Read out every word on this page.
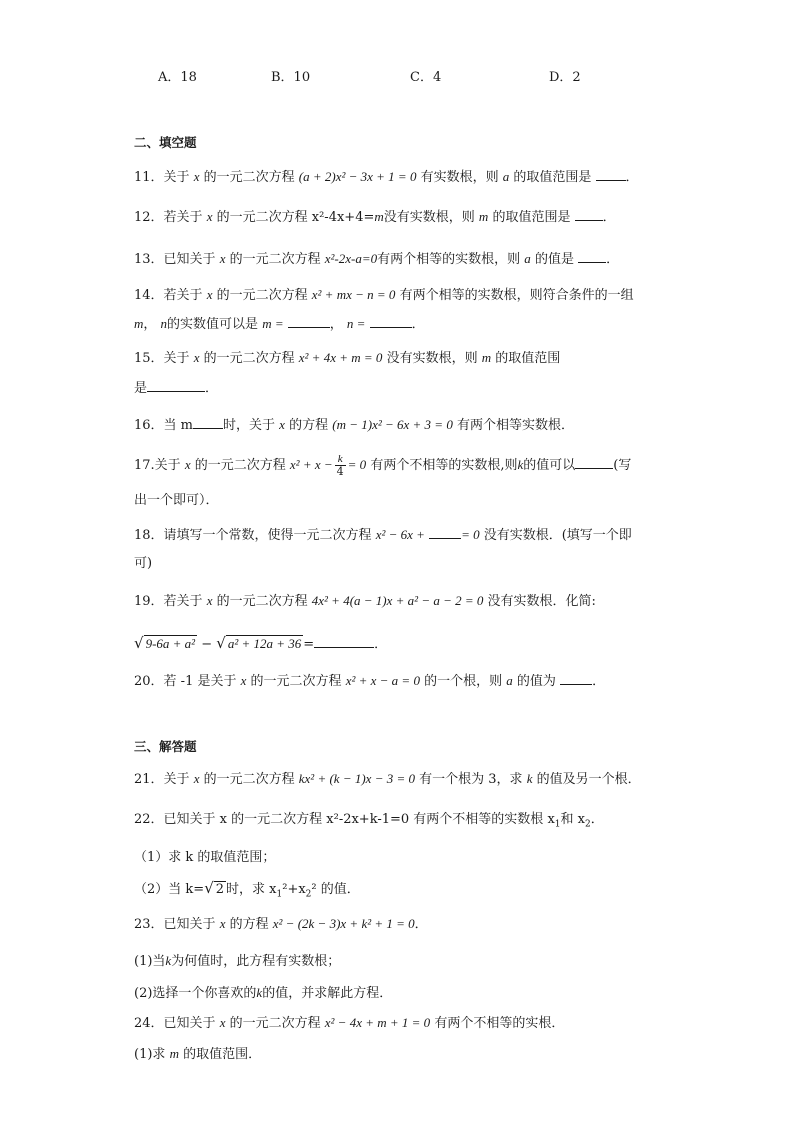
A．18	B．10	C．4	D．2
二、填空题
11．关于 x 的一元二次方程 (a + 2)x² − 3x + 1 = 0 有实数根，则 a 的取值范围是	．
12．若关于 x 的一元二次方程 x²-4x+4=m没有实数根，则 m 的取值范围是 ．
13．已知关于 x 的一元二次方程 x²-2x-a=0有两个相等的实数根，则 a 的值是 ．
14．若关于 x 的一元二次方程 x² + mx − n = 0 有两个相等的实数根，则符合条件的一组
m， n的实数值可以是 m =	， n =	．
15．关于 x 的一元二次方程 x² + 4x + m = 0 没有实数根，则 m 的取值范围
是	．
16．当 m 时，关于 x 的方程 (m − 1)x² − 6x + 3 = 0 有两个相等实数根．
17.关于 x 的一元二次方程 $x^2 + x - \frac{k}{4} = 0$ 有两个不相等的实数根,则k的值可以	(写
出一个即可）．
18．请填写一个常数，使得一元二次方程 x² − 6x +	= 0 没有实数根．(填写一个即
可)
19．若关于 x 的一元二次方程 4x² + 4(a − 1)x + a² − a − 2 = 0 没有实数根．化简:
√ 9-6a + a² − √ a² + 12a + 36 =	．
20．若 -1 是关于 x 的一元二次方程 x² + x − a = 0 的一个根，则 a 的值为	．
三、解答题
21．关于 x 的一元二次方程 kx² + (k − 1)x − 3 = 0 有一个根为 3，求 k 的值及另一个根．
22．已知关于 x 的一元二次方程 x²-2x+k-1=0 有两个不相等的实数根 $x_1$和 $x_2$．
（1）求 k 的取值范围；
（2）当 k=√ 2 时，求 $x_1^2+x_2^2$ 的值．
23．已知关于 x 的方程 x² − (2k − 3)x + k² + 1 = 0．
(1)当k为何值时，此方程有实数根；
(2)选择一个你喜欢的k的值，并求解此方程．
24．已知关于 x 的一元二次方程 x² − 4x + m + 1 = 0 有两个不相等的实根．
(1)求 m 的取值范围．
